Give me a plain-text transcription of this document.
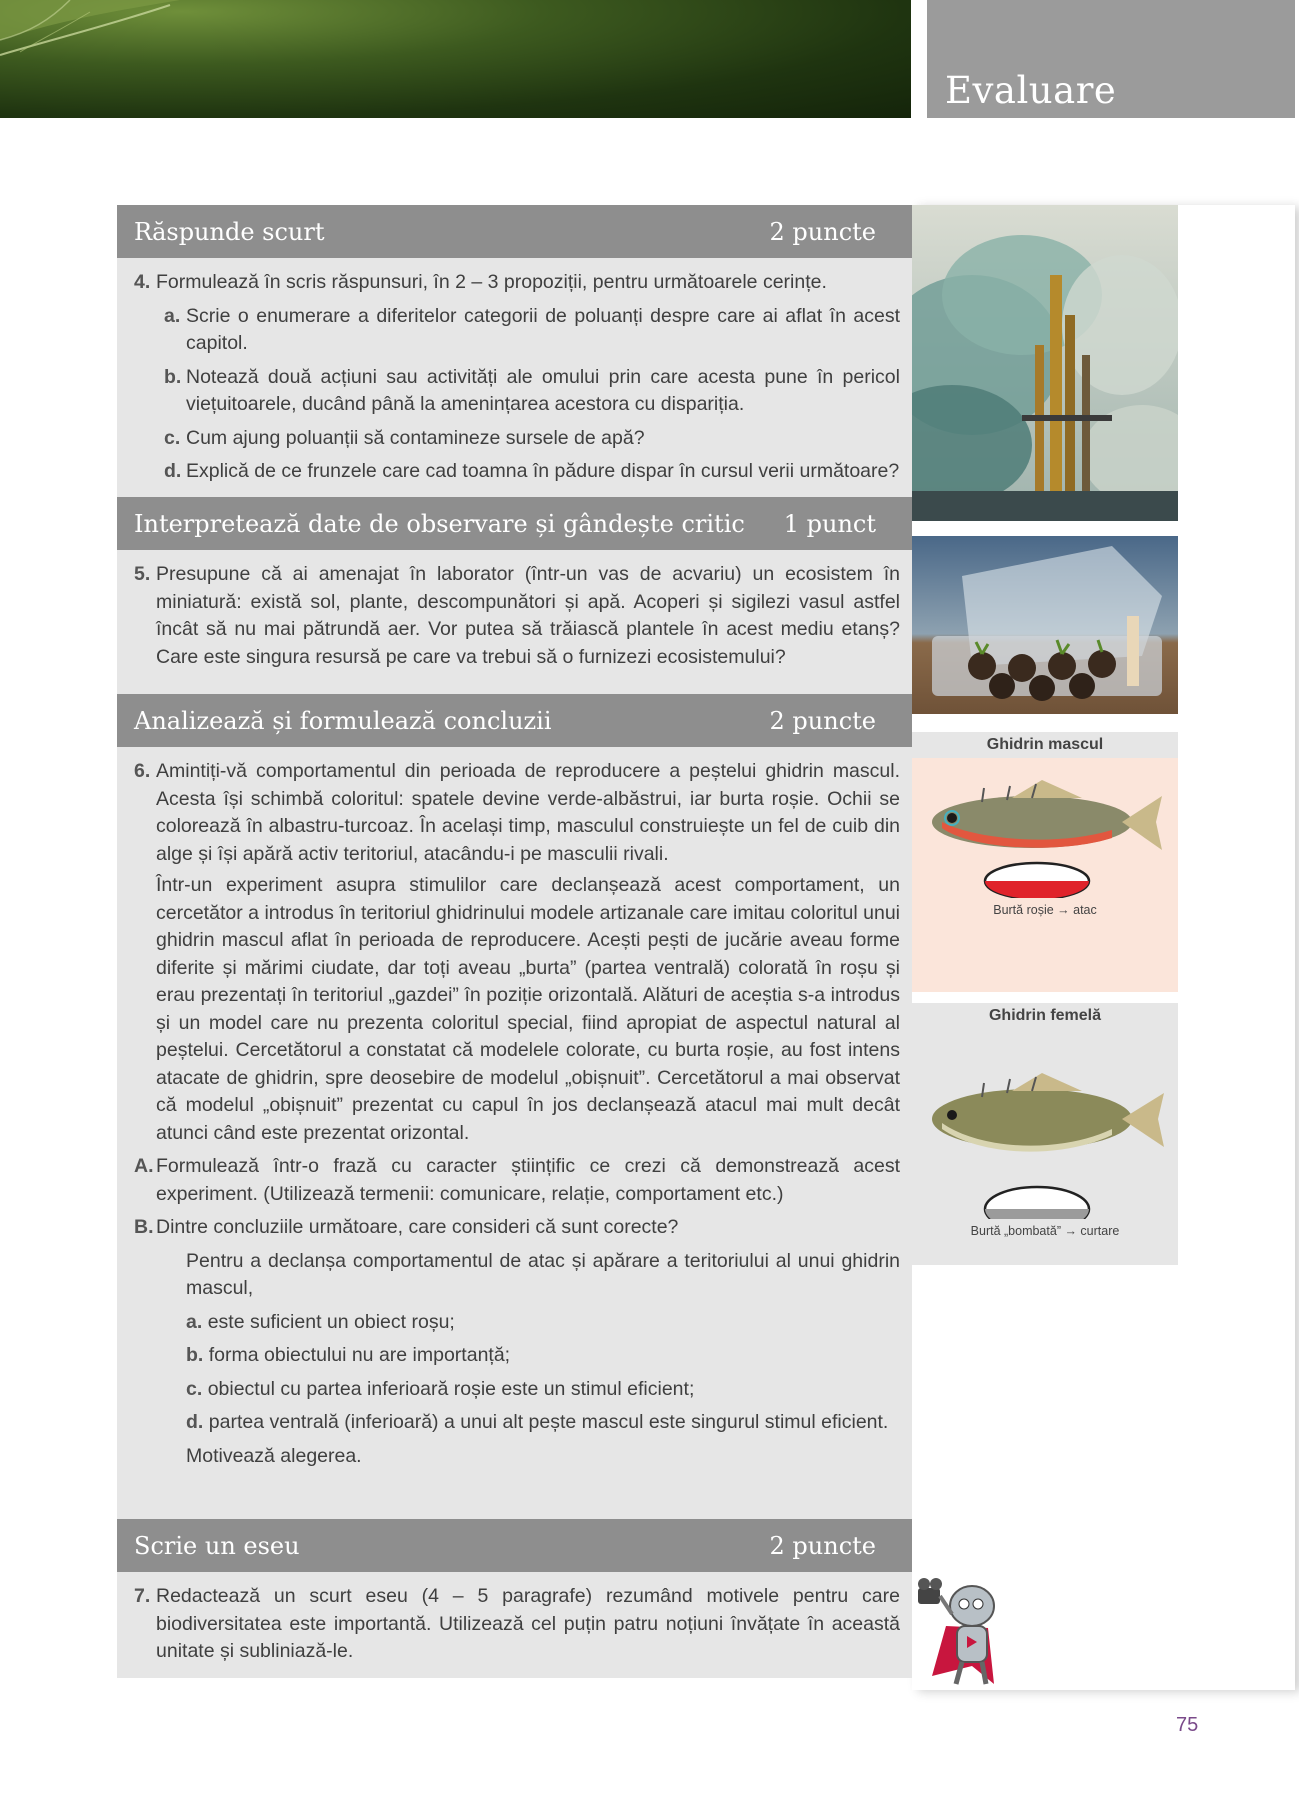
Evaluare
Răspunde scurt	2 puncte
4. Formulează în scris răspunsuri, în 2 – 3 propoziții, pentru următoarele cerințe.
a. Scrie o enumerare a diferitelor categorii de poluanți despre care ai aflat în acest capitol.
b. Notează două acțiuni sau activități ale omului prin care acesta pune în pericol viețuitoarele, ducând până la amenințarea acestora cu dispariția.
c. Cum ajung poluanții să contamineze sursele de apă?
d. Explică de ce frunzele care cad toamna în pădure dispar în cursul verii următoare?
Interpretează date de observare și gândește critic 1 punct
5. Presupune că ai amenajat în laborator (într-un vas de acvariu) un ecosistem în miniatură: există sol, plante, descompunători și apă. Acoperi și sigilezi vasul astfel încât să nu mai pătrundă aer. Vor putea să trăiască plantele în acest mediu etanș? Care este singura resursă pe care va trebui să o furnizezi ecosistemului?
Analizează și formulează concluzii	2 puncte
6. Amintiți-vă comportamentul din perioada de reproducere a peștelui ghidrin mascul. Acesta își schimbă coloritul: spatele devine verde-albăstrui, iar burta roșie. Ochii se colorează în albastru-turcoaz. În același timp, masculul construiește un fel de cuib din alge și își apără activ teritoriul, atacându-i pe masculii rivali.
Într-un experiment asupra stimulilor care declanșează acest comportament, un cercetător a introdus în teritoriul ghidrinului modele artizanale care imitau coloritul unui ghidrin mascul aflat în perioada de reproducere. Acești pești de jucărie aveau forme diferite și mărimi ciudate, dar toți aveau „burta” (partea ventrală) colorată în roșu și erau prezentați în teritoriul „gazdei” în poziție orizontală. Alături de aceștia s-a introdus și un model care nu prezenta coloritul special, fiind apropiat de aspectul natural al peștelui. Cercetătorul a constatat că modelele colorate, cu burta roșie, au fost intens atacate de ghidrin, spre deosebire de modelul „obișnuit”. Cercetătorul a mai observat că modelul „obișnuit” prezentat cu capul în jos declanșează atacul mai mult decât atunci când este prezentat orizontal.
A. Formulează într-o frază cu caracter științific ce crezi că demonstrează acest experiment. (Utilizează termenii: comunicare, relație, comportament etc.)
B. Dintre concluziile următoare, care consideri că sunt corecte?
Pentru a declanșa comportamentul de atac și apărare a teritoriului al unui ghidrin mascul,
a. este suficient un obiect roșu;
b. forma obiectului nu are importanță;
c. obiectul cu partea inferioară roșie este un stimul eficient;
d. partea ventrală (inferioară) a unui alt pește mascul este singurul stimul eficient.
Motivează alegerea.
Scrie un eseu	2 puncte
7. Redactează un scurt eseu (4 – 5 paragrafe) rezumând motivele pentru care biodiversitatea este importantă. Utilizează cel puțin patru noțiuni învățate în această unitate și subliniază-le.
Ghidrin mascul
Burtă roșie → atac
Ghidrin femelă
Burtă „bombată” → curtare
75
